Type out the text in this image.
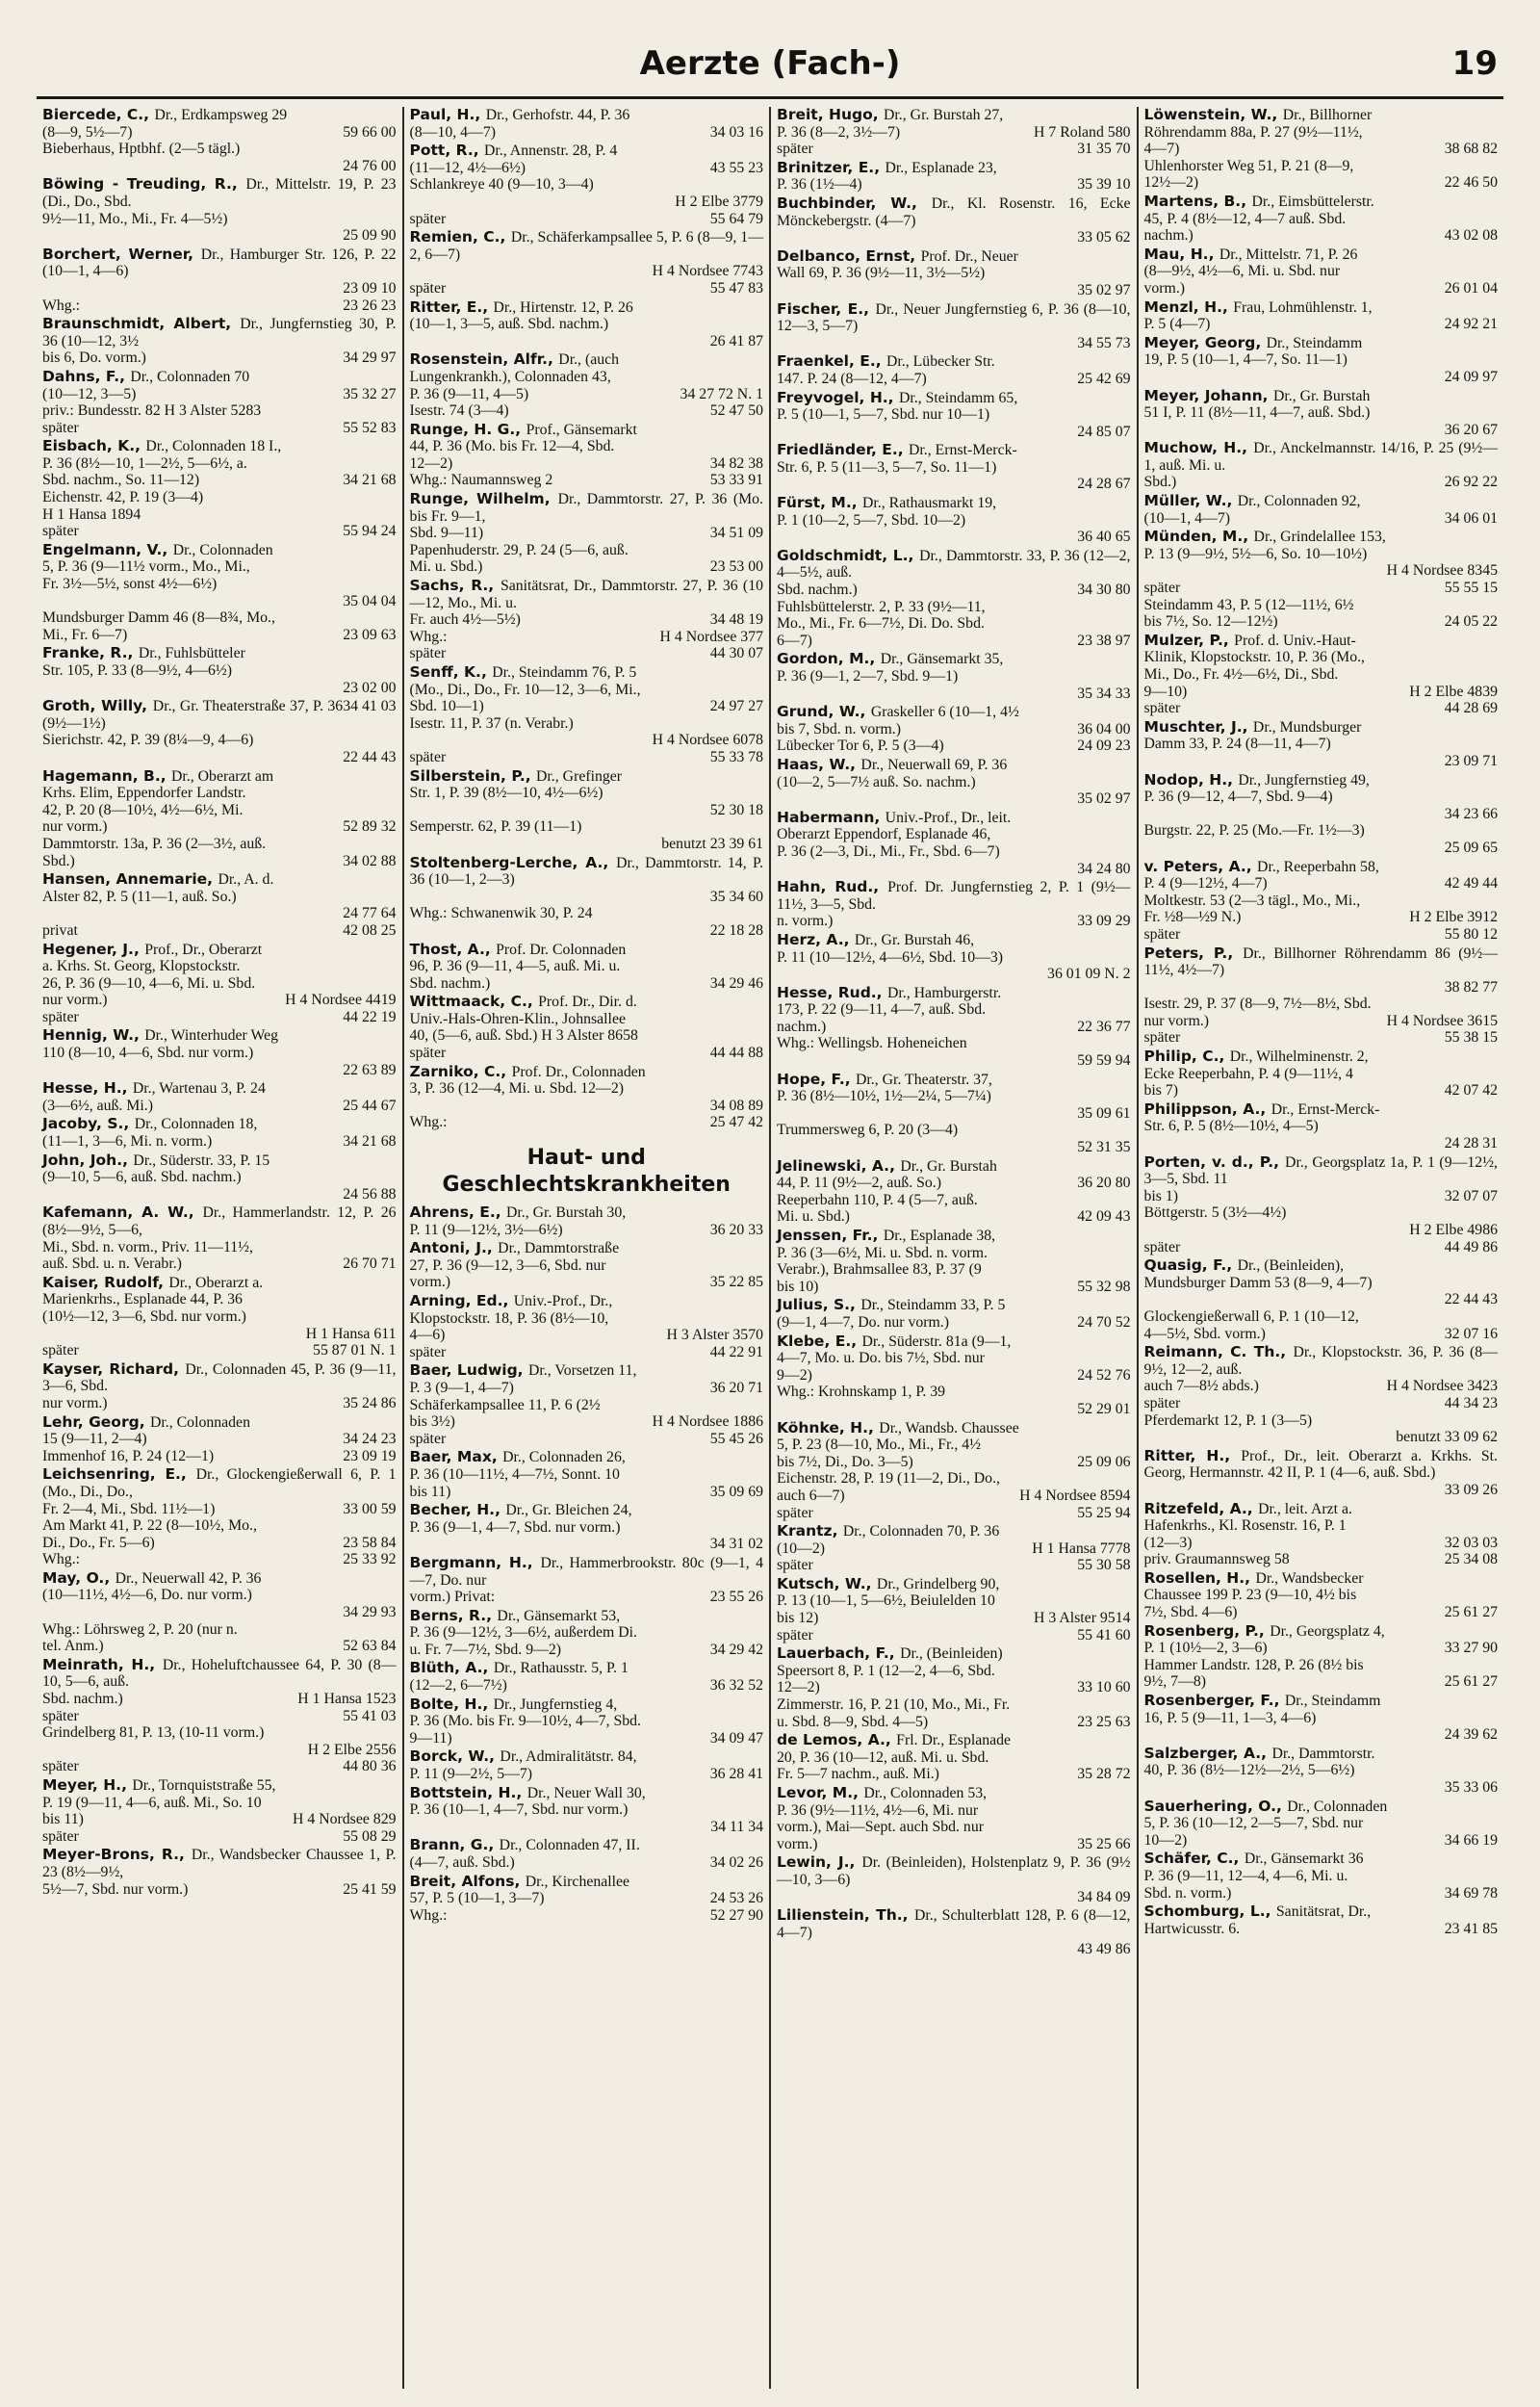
Aerzte (Fach-)	19
Biercede, C., Dr., Erdkampsweg 29
59 66 00
(8—9, 5½—7)
Bieberhaus, Hptbhf. (2—5 tägl.)
24 76 00

Böwing - Treuding, R., Dr., Mittelstr. 19, P. 23 (Di., Do., Sbd.
9½—11, Mo., Mi., Fr. 4—5½)
25 09 90

Borchert, Werner, Dr., Hamburger Str. 126, P. 22 (10—1, 4—6)
23 09 10

23 26 23
Whg.:
Braunschmidt, Albert, Dr., Jungfernstieg 30, P. 36 (10—12, 3½
34 29 97
bis 6, Do. vorm.)
Dahns, F., Dr., Colonnaden 70
35 32 27
(10—12, 3—5)
priv.: Bundesstr. 82 H 3 Alster 5283
55 52 83
später
Eisbach, K., Dr., Colonnaden 18 I.,
P. 36 (8½—10, 1—2½, 5—6½, a.
34 21 68
Sbd. nachm., So. 11—12)
Eichenstr. 42, P. 19 (3—4)
H 1 Hansa 1894
55 94 24
später
Engelmann, V., Dr., Colonnaden
5, P. 36 (9—11½ vorm., Mo., Mi.,
Fr. 3½—5½, sonst 4½—6½)
35 04 04

Mundsburger Damm 46 (8—8¾, Mo.,
23 09 63
Mi., Fr. 6—7)
Franke, R., Dr., Fuhlsbütteler
Str. 105, P. 33 (8—9½, 4—6½)
23 02 00

Groth, Willy,	34 41 03
Dr., Gr. Theaterstraße 37, P. 36 (9½—1½)
Sierichstr. 42, P. 39 (8¼—9, 4—6)
22 44 43

Hagemann, B., Dr., Oberarzt am
Krhs. Elim, Eppendorfer Landstr.
42, P. 20 (8—10½, 4½—6½, Mi.
52 89 32
nur vorm.)
Dammtorstr. 13a, P. 36 (2—3½, auß.
34 02 88
Sbd.)
Hansen, Annemarie, Dr., A. d.
Alster 82, P. 5 (11—1, auß. So.)
24 77 64

42 08 25
privat
Hegener, J., Prof., Dr., Oberarzt
a. Krhs. St. Georg, Klopstockstr.
26, P. 36 (9—10, 4—6, Mi. u. Sbd.
H 4 Nordsee 4419
nur vorm.)
44 22 19
später
Hennig, W., Dr., Winterhuder Weg
110 (8—10, 4—6, Sbd. nur vorm.)
22 63 89

Hesse, H., Dr., Wartenau 3, P. 24
25 44 67
(3—6½, auß. Mi.)
Jacoby, S., Dr., Colonnaden 18,
34 21 68
(11—1, 3—6, Mi. n. vorm.)
John, Joh., Dr., Süderstr. 33, P. 15
(9—10, 5—6, auß. Sbd. nachm.)
24 56 88

Kafemann, A. W., Dr., Hammerlandstr. 12, P. 26 (8½—9½, 5—6,
Mi., Sbd. n. vorm., Priv. 11—11½,
26 70 71
auß. Sbd. u. n. Verabr.)
Kaiser, Rudolf, Dr., Oberarzt a.
Marienkrhs., Esplanade 44, P. 36
(10½—12, 3—6, Sbd. nur vorm.)
H 1 Hansa 611

55 87 01 N. 1
später
Kayser, Richard, Dr., Colonnaden 45, P. 36 (9—11, 3—6, Sbd.
35 24 86
nur vorm.)
Lehr, Georg, Dr., Colonnaden
34 24 23
15 (9—11, 2—4)
23 09 19
Immenhof 16, P. 24 (12—1)
Leichsenring, E., Dr., Glockengießerwall 6, P. 1 (Mo., Di., Do.,
33 00 59
Fr. 2—4, Mi., Sbd. 11½—1)
Am Markt 41, P. 22 (8—10½, Mo.,
23 58 84
Di., Do., Fr. 5—6)
25 33 92
Whg.:
May, O., Dr., Neuerwall 42, P. 36
(10—11½, 4½—6, Do. nur vorm.)
34 29 93

Whg.: Löhrsweg 2, P. 20 (nur n.
52 63 84
tel. Anm.)
Meinrath, H., Dr., Hoheluftchaussee 64, P. 30 (8—10, 5—6, auß.
H 1 Hansa 1523
Sbd. nachm.)
55 41 03
später
Grindelberg 81, P. 13, (10-11 vorm.)
H 2 Elbe 2556

44 80 36
später
Meyer, H., Dr., Tornquiststraße 55,
P. 19 (9—11, 4—6, auß. Mi., So. 10
H 4 Nordsee 829
bis 11)
55 08 29
später
Meyer-Brons, R., Dr., Wandsbecker Chaussee 1, P. 23 (8½—9½,
25 41 59
5½—7, Sbd. nur vorm.)
Paul, H., Dr., Gerhofstr. 44, P. 36
34 03 16
(8—10, 4—7)
Pott, R., Dr., Annenstr. 28, P. 4
43 55 23
(11—12, 4½—6½)
Schlankreye 40 (9—10, 3—4)
H 2 Elbe 3779

55 64 79
später
Remien, C., Dr., Schäferkampsallee 5, P. 6 (8—9, 1—2, 6—7)
H 4 Nordsee 7743

55 47 83
später
Ritter, E., Dr., Hirtenstr. 12, P. 26
(10—1, 3—5, auß. Sbd. nachm.)
26 41 87

Rosenstein, Alfr., Dr., (auch
Lungenkrankh.), Colonnaden 43,
34 27 72 N. 1
P. 36 (9—11, 4—5)
52 47 50
Isestr. 74 (3—4)
Runge, H. G., Prof., Gänsemarkt
44, P. 36 (Mo. bis Fr. 12—4, Sbd.
34 82 38
12—2)
53 33 91
Whg.: Naumannsweg 2
Runge, Wilhelm, Dr., Dammtorstr. 27, P. 36 (Mo. bis Fr. 9—1,
34 51 09
Sbd. 9—11)
Papenhuderstr. 29, P. 24 (5—6, auß.
23 53 00
Mi. u. Sbd.)
Sachs, R., Sanitätsrat, Dr., Dammtorstr. 27, P. 36 (10—12, Mo., Mi. u.
34 48 19
Fr. auch 4½—5½)
H 4 Nordsee 377
Whg.:
44 30 07
später
Senff, K., Dr., Steindamm 76, P. 5
(Mo., Di., Do., Fr. 10—12, 3—6, Mi.,
24 97 27
Sbd. 10—1)
Isestr. 11, P. 37 (n. Verabr.)
H 4 Nordsee 6078

55 33 78
später
Silberstein, P., Dr., Grefinger
Str. 1, P. 39 (8½—10, 4½—6½)
52 30 18

Semperstr. 62, P. 39 (11—1)
benutzt 23 39 61

Stoltenberg-Lerche, A., Dr., Dammtorstr. 14, P. 36 (10—1, 2—3)
35 34 60

Whg.: Schwanenwik 30, P. 24
22 18 28

Thost, A., Prof. Dr. Colonnaden
96, P. 36 (9—11, 4—5, auß. Mi. u.
34 29 46
Sbd. nachm.)
Wittmaack, C., Prof. Dr., Dir. d.
Univ.-Hals-Ohren-Klin., Johnsallee
40, (5—6, auß. Sbd.) H 3 Alster 8658
44 44 88
später
Zarniko, C., Prof. Dr., Colonnaden
3, P. 36 (12—4, Mi. u. Sbd. 12—2)
34 08 89

25 47 42
Whg.:
Haut- und Geschlechtskrankheiten
Ahrens, E., Dr., Gr. Burstah 30,
36 20 33
P. 11 (9—12½, 3½—6½)
Antoni, J., Dr., Dammtorstraße
27, P. 36 (9—12, 3—6, Sbd. nur
35 22 85
vorm.)
Arning, Ed., Univ.-Prof., Dr.,
Klopstockstr. 18, P. 36 (8½—10,
H 3 Alster 3570
4—6)
44 22 91
später
Baer, Ludwig, Dr., Vorsetzen 11,
36 20 71
P. 3 (9—1, 4—7)
Schäferkampsallee 11, P. 6 (2½
H 4 Nordsee 1886
bis 3½)
55 45 26
später
Baer, Max, Dr., Colonnaden 26,
P. 36 (10—11½, 4—7½, Sonnt. 10
35 09 69
bis 11)
Becher, H., Dr., Gr. Bleichen 24,
P. 36 (9—1, 4—7, Sbd. nur vorm.)
34 31 02

Bergmann, H., Dr., Hammerbrookstr. 80c (9—1, 4—7, Do. nur
23 55 26
vorm.) Privat:
Berns, R., Dr., Gänsemarkt 53,
P. 36 (9—12½, 3—6½, außerdem Di.
34 29 42
u. Fr. 7—7½, Sbd. 9—2)
Blüth, A., Dr., Rathausstr. 5, P. 1
36 32 52
(12—2, 6—7½)
Bolte, H., Dr., Jungfernstieg 4,
P. 36 (Mo. bis Fr. 9—10½, 4—7, Sbd.
34 09 47
9—11)
Borck, W., Dr., Admiralitätstr. 84,
36 28 41
P. 11 (9—2½, 5—7)
Bottstein, H., Dr., Neuer Wall 30,
P. 36 (10—1, 4—7, Sbd. nur vorm.)
34 11 34

Brann, G., Dr., Colonnaden 47, II.
34 02 26
(4—7, auß. Sbd.)
Breit, Alfons, Dr., Kirchenallee
24 53 26
57, P. 5 (10—1, 3—7)
52 27 90
Whg.:
Breit, Hugo, Dr., Gr. Burstah 27,
H 7 Roland 580
P. 36 (8—2, 3½—7)
31 35 70
später
Brinitzer, E., Dr., Esplanade 23,
35 39 10
P. 36 (1½—4)
Buchbinder, W., Dr., Kl. Rosenstr. 16, Ecke Mönckebergstr. (4—7)
33 05 62

Delbanco, Ernst, Prof. Dr., Neuer
Wall 69, P. 36 (9½—11, 3½—5½)
35 02 97

Fischer, E., Dr., Neuer Jungfernstieg 6, P. 36 (8—10, 12—3, 5—7)
34 55 73

Fraenkel, E., Dr., Lübecker Str.
25 42 69
147. P. 24 (8—12, 4—7)
Freyvogel, H., Dr., Steindamm 65,
P. 5 (10—1, 5—7, Sbd. nur 10—1)
24 85 07

Friedländer, E., Dr., Ernst-Merck-
Str. 6, P. 5 (11—3, 5—7, So. 11—1)
24 28 67

Fürst, M., Dr., Rathausmarkt 19,
P. 1 (10—2, 5—7, Sbd. 10—2)
36 40 65

Goldschmidt, L., Dr., Dammtorstr. 33, P. 36 (12—2, 4—5½, auß.
34 30 80
Sbd. nachm.)
Fuhlsbüttelerstr. 2, P. 33 (9½—11,
Mo., Mi., Fr. 6—7½, Di. Do. Sbd.
23 38 97
6—7)
Gordon, M., Dr., Gänsemarkt 35,
P. 36 (9—1, 2—7, Sbd. 9—1)
35 34 33

Grund, W., Graskeller 6 (10—1, 4½
36 04 00
bis 7, Sbd. n. vorm.)
24 09 23
Lübecker Tor 6, P. 5 (3—4)
Haas, W., Dr., Neuerwall 69, P. 36
(10—2, 5—7½ auß. So. nachm.)
35 02 97

Habermann, Univ.-Prof., Dr., leit.
Oberarzt Eppendorf, Esplanade 46,
P. 36 (2—3, Di., Mi., Fr., Sbd. 6—7)
34 24 80

Hahn, Rud., Prof. Dr. Jungfernstieg 2, P. 1 (9½—11½, 3—5, Sbd.
33 09 29
n. vorm.)
Herz, A., Dr., Gr. Burstah 46,
P. 11 (10—12½, 4—6½, Sbd. 10—3)
36 01 09 N. 2

Hesse, Rud., Dr., Hamburgerstr.
173, P. 22 (9—11, 4—7, auß. Sbd.
22 36 77
nachm.)
Whg.: Wellingsb. Hoheneichen
59 59 94

Hope, F., Dr., Gr. Theaterstr. 37,
P. 36 (8½—10½, 1½—2¼, 5—7¼)
35 09 61

Trummersweg 6, P. 20 (3—4)
52 31 35

Jelinewski, A., Dr., Gr. Burstah
36 20 80
44, P. 11 (9½—2, auß. So.)
Reeperbahn 110, P. 4 (5—7, auß.
42 09 43
Mi. u. Sbd.)
Jenssen, Fr., Dr., Esplanade 38,
P. 36 (3—6½, Mi. u. Sbd. n. vorm.
Verabr.), Brahmsallee 83, P. 37 (9
55 32 98
bis 10)
Julius, S., Dr., Steindamm 33, P. 5
24 70 52
(9—1, 4—7, Do. nur vorm.)
Klebe, E., Dr., Süderstr. 81a (9—1,
4—7, Mo. u. Do. bis 7½, Sbd. nur
24 52 76
9—2)
Whg.: Krohnskamp 1, P. 39
52 29 01

Köhnke, H., Dr., Wandsb. Chaussee
5, P. 23 (8—10, Mo., Mi., Fr., 4½
25 09 06
bis 7½, Di., Do. 3—5)
Eichenstr. 28, P. 19 (11—2, Di., Do.,
H 4 Nordsee 8594
auch 6—7)
55 25 94
später
Krantz, Dr., Colonnaden 70, P. 36
H 1 Hansa 7778
(10—2)
55 30 58
später
Kutsch, W., Dr., Grindelberg 90,
P. 13 (10—1, 5—6½, Beiulelden 10
H 3 Alster 9514
bis 12)
55 41 60
später
Lauerbach, F., Dr., (Beinleiden)
Speersort 8, P. 1 (12—2, 4—6, Sbd.
33 10 60
12—2)
Zimmerstr. 16, P. 21 (10, Mo., Mi., Fr.
23 25 63
u. Sbd. 8—9, Sbd. 4—5)
de Lemos, A., Frl. Dr., Esplanade
20, P. 36 (10—12, auß. Mi. u. Sbd.
35 28 72
Fr. 5—7 nachm., auß. Mi.)
Levor, M., Dr., Colonnaden 53,
P. 36 (9½—11½, 4½—6, Mi. nur
vorm.), Mai—Sept. auch Sbd. nur
35 25 66
vorm.)
Lewin, J., Dr. (Beinleiden), Holstenplatz 9, P. 36 (9½—10, 3—6)
34 84 09

Lilienstein, Th., Dr., Schulterblatt 128, P. 6 (8—12, 4—7)
43 49 86

Löwenstein, W., Dr., Billhorner
Röhrendamm 88a, P. 27 (9½—11½,
38 68 82
4—7)
Uhlenhorster Weg 51, P. 21 (8—9,
22 46 50
12½—2)
Martens, B., Dr., Eimsbüttelerstr.
45, P. 4 (8½—12, 4—7 auß. Sbd.
43 02 08
nachm.)
Mau, H., Dr., Mittelstr. 71, P. 26
(8—9½, 4½—6, Mi. u. Sbd. nur
26 01 04
vorm.)
Menzl, H., Frau, Lohmühlenstr. 1,
24 92 21
P. 5 (4—7)
Meyer, Georg, Dr., Steindamm
19, P. 5 (10—1, 4—7, So. 11—1)
24 09 97

Meyer, Johann, Dr., Gr. Burstah
51 I, P. 11 (8½—11, 4—7, auß. Sbd.)
36 20 67

Muchow, H., Dr., Anckelmannstr. 14/16, P. 25 (9½—1, auß. Mi. u.
26 92 22
Sbd.)
Müller, W., Dr., Colonnaden 92,
34 06 01
(10—1, 4—7)
Münden, M., Dr., Grindelallee 153,
P. 13 (9—9½, 5½—6, So. 10—10½)
H 4 Nordsee 8345

55 55 15
später
Steindamm 43, P. 5 (12—11½, 6½
24 05 22
bis 7½, So. 12—12½)
Mulzer, P., Prof. d. Univ.-Haut-
Klinik, Klopstockstr. 10, P. 36 (Mo.,
Mi., Do., Fr. 4½—6½, Di., Sbd.
H 2 Elbe 4839
9—10)
44 28 69
später
Muschter, J., Dr., Mundsburger
Damm 33, P. 24 (8—11, 4—7)
23 09 71

Nodop, H., Dr., Jungfernstieg 49,
P. 36 (9—12, 4—7, Sbd. 9—4)
34 23 66

Burgstr. 22, P. 25 (Mo.—Fr. 1½—3)
25 09 65

v. Peters, A., Dr., Reeperbahn 58,
42 49 44
P. 4 (9—12½, 4—7)
Moltkestr. 53 (2—3 tägl., Mo., Mi.,
H 2 Elbe 3912
Fr. ½8—½9 N.)
55 80 12
später
Peters, P., Dr., Billhorner Röhrendamm 86 (9½—11½, 4½—7)
38 82 77

Isestr. 29, P. 37 (8—9, 7½—8½, Sbd.
H 4 Nordsee 3615
nur vorm.)
55 38 15
später
Philip, C., Dr., Wilhelminenstr. 2,
Ecke Reeperbahn, P. 4 (9—11½, 4
42 07 42
bis 7)
Philippson, A., Dr., Ernst-Merck-
Str. 6, P. 5 (8½—10½, 4—5)
24 28 31

Porten, v. d., P., Dr., Georgsplatz 1a, P. 1 (9—12½, 3—5, Sbd. 11
32 07 07
bis 1)
Böttgerstr. 5 (3½—4½)
H 2 Elbe 4986

44 49 86
später
Quasig, F., Dr., (Beinleiden),
Mundsburger Damm 53 (8—9, 4—7)
22 44 43

Glockengießerwall 6, P. 1 (10—12,
32 07 16
4—5½, Sbd. vorm.)
Reimann, C. Th., Dr., Klopstockstr. 36, P. 36 (8—9½, 12—2, auß.
H 4 Nordsee 3423
auch 7—8½ abds.)
44 34 23
später
Pferdemarkt 12, P. 1 (3—5)
benutzt 33 09 62

Ritter, H., Prof., Dr., leit. Oberarzt a. Krkhs. St. Georg, Hermannstr. 42 II, P. 1 (4—6, auß. Sbd.)
33 09 26

Ritzefeld, A., Dr., leit. Arzt a.
Hafenkrhs., Kl. Rosenstr. 16, P. 1
32 03 03
(12—3)
25 34 08
priv. Graumannsweg 58
Rosellen, H., Dr., Wandsbecker
Chaussee 199 P. 23 (9—10, 4½ bis
25 61 27
7½, Sbd. 4—6)
Rosenberg, P., Dr., Georgsplatz 4,
33 27 90
P. 1 (10½—2, 3—6)
Hammer Landstr. 128, P. 26 (8½ bis
25 61 27
9½, 7—8)
Rosenberger, F., Dr., Steindamm
16, P. 5 (9—11, 1—3, 4—6)
24 39 62

Salzberger, A., Dr., Dammtorstr.
40, P. 36 (8½—12½—2½, 5—6½)
35 33 06

Sauerhering, O., Dr., Colonnaden
5, P. 36 (10—12, 2—5—7, Sbd. nur
34 66 19
10—2)
Schäfer, C., Dr., Gänsemarkt 36
P. 36 (9—11, 12—4, 4—6, Mi. u.
34 69 78
Sbd. n. vorm.)
Schomburg, L., Sanitätsrat, Dr.,
23 41 85
Hartwicusstr. 6.
